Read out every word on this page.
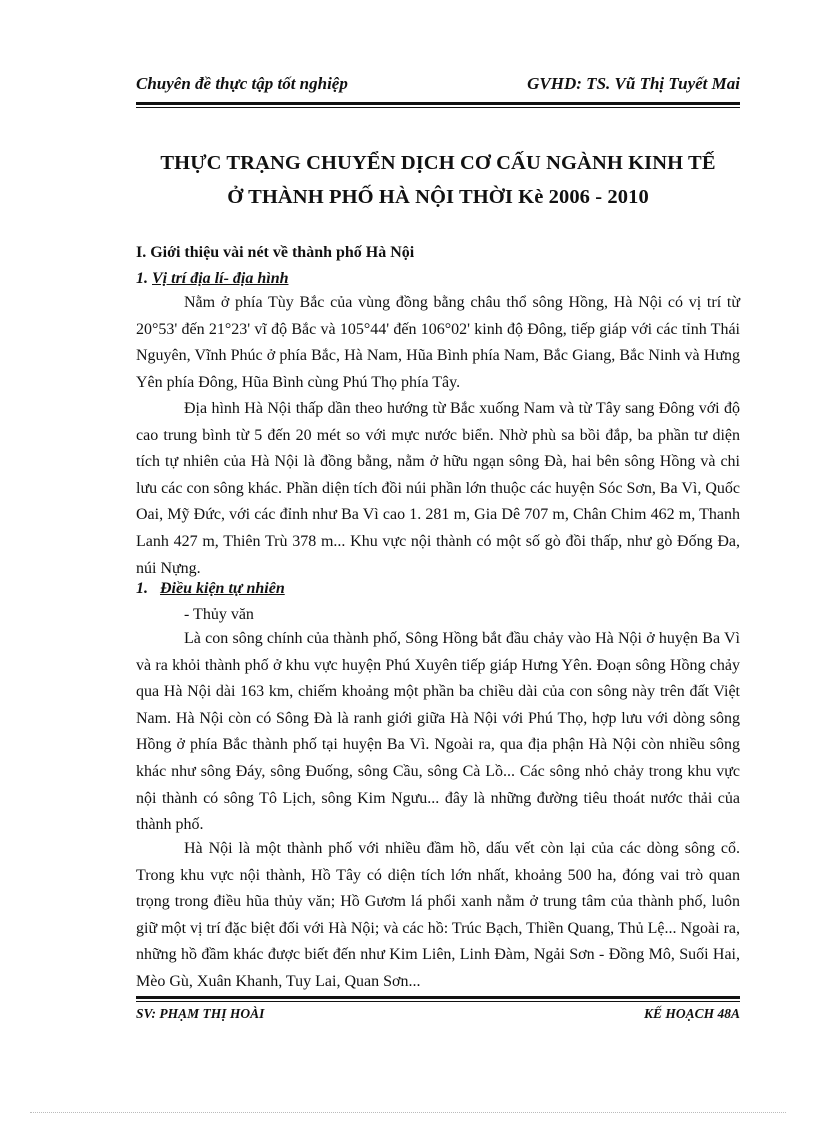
Chuyên đề thực tập tốt nghiệp	GVHD: TS. Vũ Thị Tuyết Mai
THỰC TRẠNG CHUYỂN DỊCH CƠ CẤU NGÀNH KINH TẾ
Ở THÀNH PHỐ HÀ NỘI THỜI Kè 2006 - 2010
I. Giới thiệu vài nét về thành phố Hà Nội
1. Vị trí địa lí- địa hình

Nằm ở phía Tùy Bắc của vùng đồng bằng châu thổ sông Hồng, Hà Nội có vị trí từ 20°53' đến 21°23' vĩ độ Bắc và 105°44' đến 106°02' kinh độ Đông, tiếp giáp với các tỉnh Thái Nguyên, Vĩnh Phúc ở phía Bắc, Hà Nam, Hũa Bình phía Nam, Bắc Giang, Bắc Ninh và Hưng Yên phía Đông, Hũa Bình cùng Phú Thọ phía Tây.

Địa hình Hà Nội thấp dần theo hướng từ Bắc xuống Nam và từ Tây sang Đông với độ cao trung bình từ 5 đến 20 mét so với mực nước biển. Nhờ phù sa bồi đắp, ba phần tư diện tích tự nhiên của Hà Nội là đồng bằng, nằm ở hữu ngạn sông Đà, hai bên sông Hồng và chi lưu các con sông khác. Phần diện tích đồi núi phần lớn thuộc các huyện Sóc Sơn, Ba Vì, Quốc Oai, Mỹ Đức, với các đỉnh như Ba Vì cao 1. 281 m, Gia Dê 707 m, Chân Chim 462 m, Thanh Lanh 427 m, Thiên Trù 378 m... Khu vực nội thành có một số gò đồi thấp, như gò Đống Đa, núi Nựng.

1. Điều kiện tự nhiên
- Thủy văn

Là con sông chính của thành phố, Sông Hồng bắt đầu chảy vào Hà Nội ở huyện Ba Vì và ra khỏi thành phố ở khu vực huyện Phú Xuyên tiếp giáp Hưng Yên. Đoạn sông Hồng chảy qua Hà Nội dài 163 km, chiếm khoảng một phần ba chiều dài của con sông này trên đất Việt Nam. Hà Nội còn có Sông Đà là ranh giới giữa Hà Nội với Phú Thọ, hợp lưu với dòng sông Hồng ở phía Bắc thành phố tại huyện Ba Vì. Ngoài ra, qua địa phận Hà Nội còn nhiều sông khác như sông Đáy, sông Đuống, sông Cầu, sông Cà Lồ... Các sông nhỏ chảy trong khu vực nội thành có sông Tô Lịch, sông Kim Ngưu... đây là những đường tiêu thoát nước thải của thành phố.

Hà Nội là một thành phố với nhiều đầm hồ, dấu vết còn lại của các dòng sông cổ. Trong khu vực nội thành, Hồ Tây có diện tích lớn nhất, khoảng 500 ha, đóng vai trò quan trọng trong điều hũa thủy văn; Hồ Gươm lá phổi xanh nằm ở trung tâm của thành phố, luôn giữ một vị trí đặc biệt đối với Hà Nội; và các hồ: Trúc Bạch, Thiền Quang, Thủ Lệ... Ngoài ra, những hồ đầm khác được biết đến như Kim Liên, Linh Đàm, Ngải Sơn - Đồng Mô, Suối Hai, Mèo Gù, Xuân Khanh, Tuy Lai, Quan Sơn...

SV: PHẠM THỊ HOÀI	KẾ HOẠCH 48A
